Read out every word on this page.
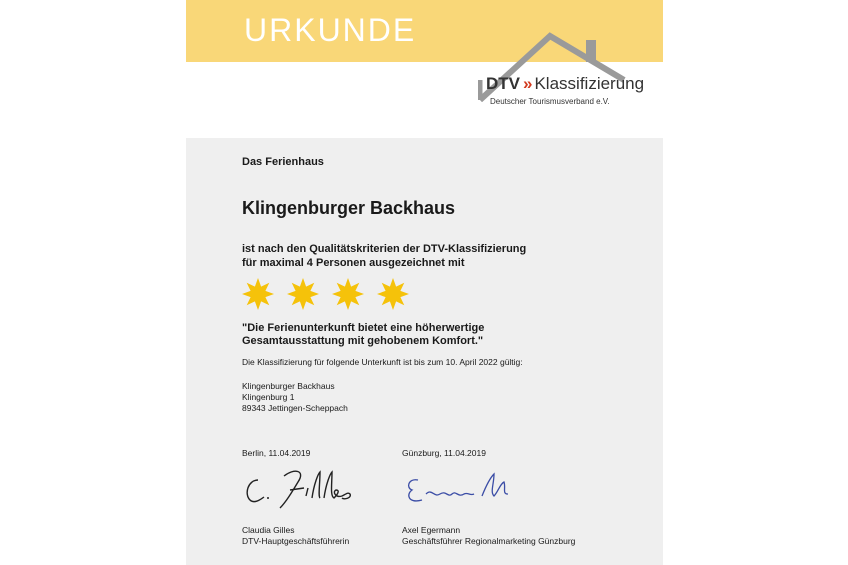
URKUNDE
DTV » Klassifizierung
Deutscher Tourismusverband e.V.
Das Ferienhaus
Klingenburger Backhaus
ist nach den Qualitätskriterien der DTV-Klassifizierung
für maximal 4 Personen ausgezeichnet mit
"Die Ferienunterkunft bietet eine höherwertige
Gesamtausstattung mit gehobenem Komfort."
Die Klassifizierung für folgende Unterkunft ist bis zum 10. April 2022 gültig:
Klingenburger Backhaus
Klingenburg 1
89343 Jettingen-Scheppach
Berlin, 11.04.2019	Günzburg, 11.04.2019
Claudia Gilles
DTV-Hauptgeschäftsführerin
Axel Egermann
Geschäftsführer Regionalmarketing Günzburg
